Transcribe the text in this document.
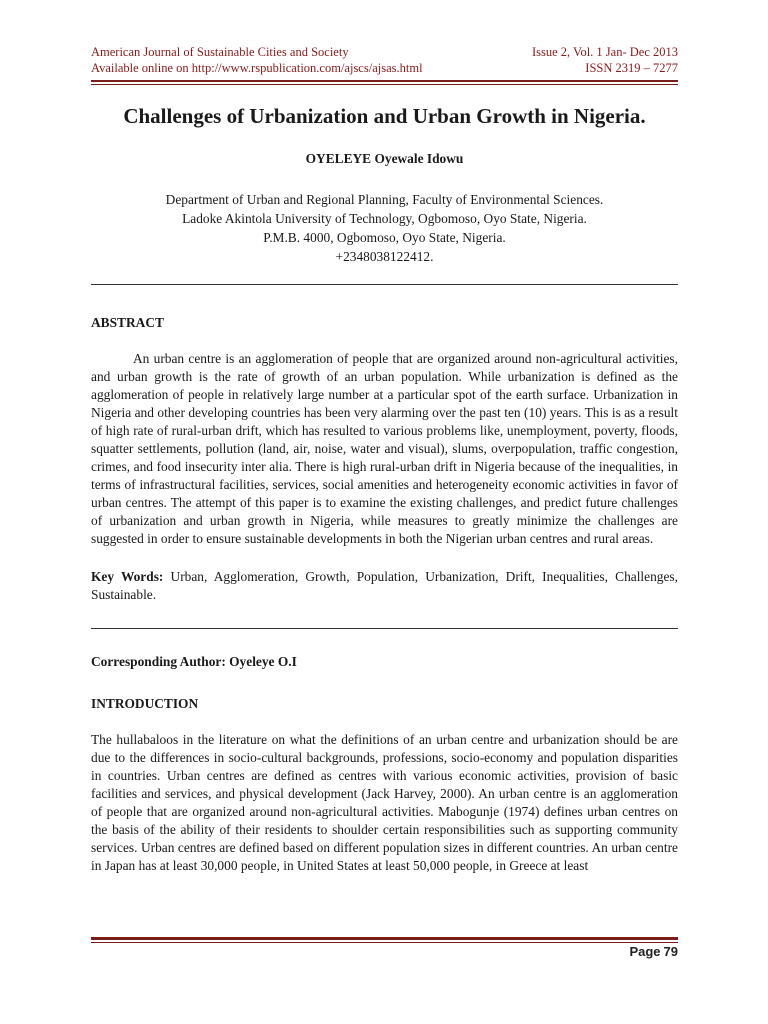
American Journal of Sustainable Cities and Society	Issue 2, Vol. 1 Jan- Dec 2013
Available online on http://www.rspublication.com/ajscs/ajsas.html	ISSN 2319 – 7277
Challenges of Urbanization and Urban Growth in Nigeria.
OYELEYE Oyewale Idowu
Department of Urban and Regional Planning, Faculty of Environmental Sciences.
Ladoke Akintola University of Technology, Ogbomoso, Oyo State, Nigeria.
P.M.B. 4000, Ogbomoso, Oyo State, Nigeria.
+2348038122412.
ABSTRACT
An urban centre is an agglomeration of people that are organized around non-agricultural activities, and urban growth is the rate of growth of an urban population. While urbanization is defined as the agglomeration of people in relatively large number at a particular spot of the earth surface. Urbanization in Nigeria and other developing countries has been very alarming over the past ten (10) years. This is as a result of high rate of rural-urban drift, which has resulted to various problems like, unemployment, poverty, floods, squatter settlements, pollution (land, air, noise, water and visual), slums, overpopulation, traffic congestion, crimes, and food insecurity inter alia. There is high rural-urban drift in Nigeria because of the inequalities, in terms of infrastructural facilities, services, social amenities and heterogeneity economic activities in favor of urban centres. The attempt of this paper is to examine the existing challenges, and predict future challenges of urbanization and urban growth in Nigeria, while measures to greatly minimize the challenges are suggested in order to ensure sustainable developments in both the Nigerian urban centres and rural areas.
Key Words: Urban, Agglomeration, Growth, Population, Urbanization, Drift, Inequalities, Challenges, Sustainable.
Corresponding Author: Oyeleye O.I
INTRODUCTION
The hullabaloos in the literature on what the definitions of an urban centre and urbanization should be are due to the differences in socio-cultural backgrounds, professions, socio-economy and population disparities in countries. Urban centres are defined as centres with various economic activities, provision of basic facilities and services, and physical development (Jack Harvey, 2000). An urban centre is an agglomeration of people that are organized around non-agricultural activities. Mabogunje (1974) defines urban centres on the basis of the ability of their residents to shoulder certain responsibilities such as supporting community services. Urban centres are defined based on different population sizes in different countries. An urban centre in Japan has at least 30,000 people, in United States at least 50,000 people, in Greece at least
Page 79
